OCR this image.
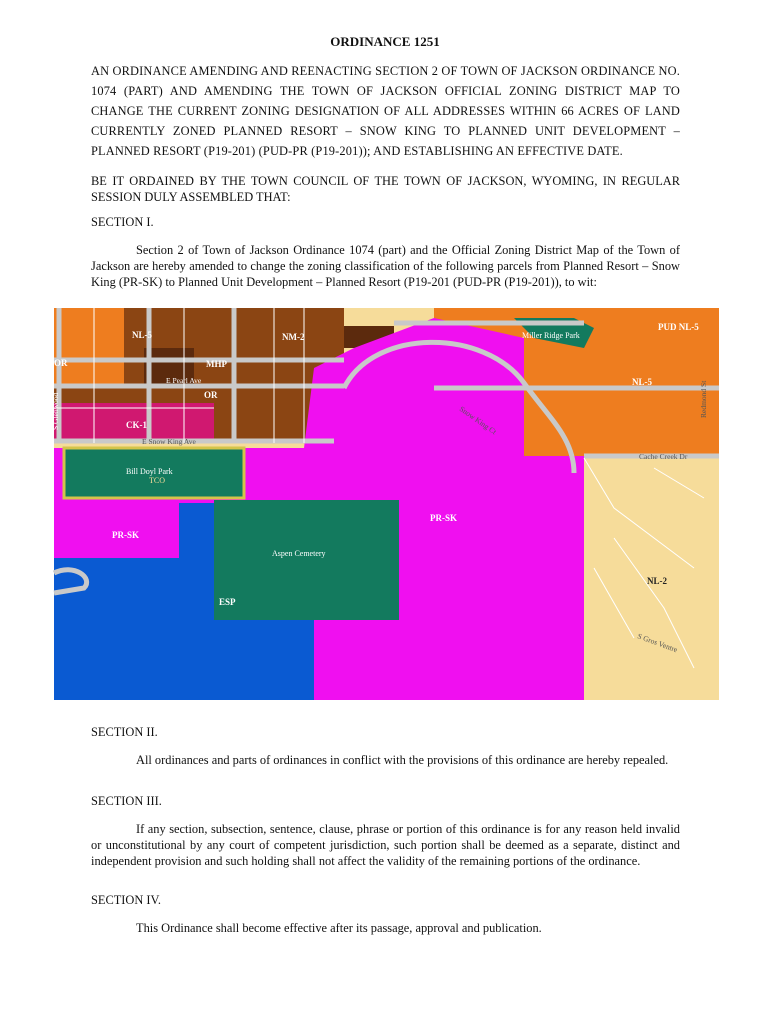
ORDINANCE 1251

AN ORDINANCE AMENDING AND REENACTING SECTION 2 OF TOWN OF JACKSON ORDINANCE NO. 1074 (PART) AND AMENDING THE TOWN OF JACKSON OFFICIAL ZONING DISTRICT MAP TO CHANGE THE CURRENT ZONING DESIGNATION OF ALL ADDRESSES WITHIN 66 ACRES OF LAND CURRENTLY ZONED PLANNED RESORT – SNOW KING TO PLANNED UNIT DEVELOPMENT – PLANNED RESORT (P19-201) (PUD-PR (P19-201)); AND ESTABLISHING AN EFFECTIVE DATE.

BE IT ORDAINED BY THE TOWN COUNCIL OF THE TOWN OF JACKSON, WYOMING, IN REGULAR SESSION DULY ASSEMBLED THAT:

SECTION I.

Section 2 of Town of Jackson Ordinance 1074 (part) and the Official Zoning District Map of the Town of Jackson are hereby amended to change the zoning classification of the following parcels from Planned Resort – Snow King (PR-SK) to Planned Unit Development – Planned Resort (P19-201 (PUD-PR (P19-201)), to wit:

NL-5	NM-2
OR	MHP
OR
CK-1
PUD NL-5
NL-5
PR-SK
PR-SK
ESP
NL-2
Bill Doyl Park
TCO
Aspen Cemetery
Miller Ridge Park
E Pearl Ave
E Snow King Ave
Snow King Ct
Cache Creek Dr
S Gros Ventre
Redmond St
S Glenwood
SECTION II.

All ordinances and parts of ordinances in conflict with the provisions of this ordinance are hereby repealed.

SECTION III.

If any section, subsection, sentence, clause, phrase or portion of this ordinance is for any reason held invalid or unconstitutional by any court of competent jurisdiction, such portion shall be deemed as a separate, distinct and independent provision and such holding shall not affect the validity of the remaining portions of the ordinance.

SECTION IV.

This Ordinance shall become effective after its passage, approval and publication.
